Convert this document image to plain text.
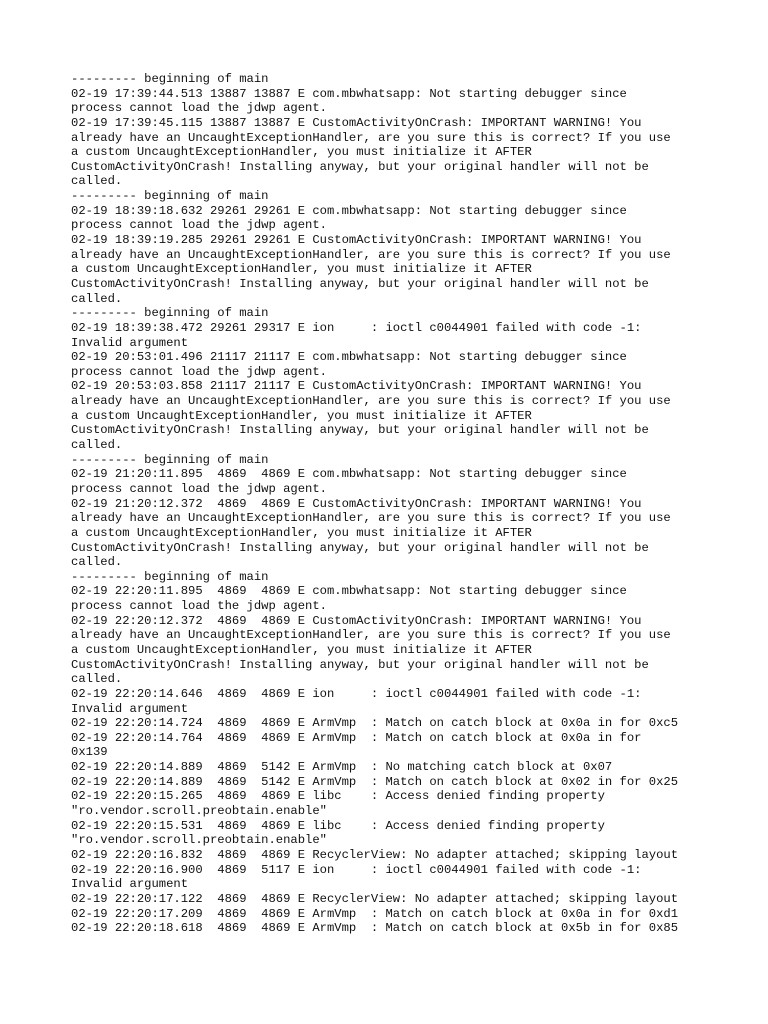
--------- beginning of main
02-19 17:39:44.513 13887 13887 E com.mbwhatsapp: Not starting debugger since
process cannot load the jdwp agent.
02-19 17:39:45.115 13887 13887 E CustomActivityOnCrash: IMPORTANT WARNING! You
already have an UncaughtExceptionHandler, are you sure this is correct? If you use
a custom UncaughtExceptionHandler, you must initialize it AFTER
CustomActivityOnCrash! Installing anyway, but your original handler will not be
called.
--------- beginning of main
02-19 18:39:18.632 29261 29261 E com.mbwhatsapp: Not starting debugger since
process cannot load the jdwp agent.
02-19 18:39:19.285 29261 29261 E CustomActivityOnCrash: IMPORTANT WARNING! You
already have an UncaughtExceptionHandler, are you sure this is correct? If you use
a custom UncaughtExceptionHandler, you must initialize it AFTER
CustomActivityOnCrash! Installing anyway, but your original handler will not be
called.
--------- beginning of main
02-19 18:39:38.472 29261 29317 E ion     : ioctl c0044901 failed with code -1:
Invalid argument
02-19 20:53:01.496 21117 21117 E com.mbwhatsapp: Not starting debugger since
process cannot load the jdwp agent.
02-19 20:53:03.858 21117 21117 E CustomActivityOnCrash: IMPORTANT WARNING! You
already have an UncaughtExceptionHandler, are you sure this is correct? If you use
a custom UncaughtExceptionHandler, you must initialize it AFTER
CustomActivityOnCrash! Installing anyway, but your original handler will not be
called.
--------- beginning of main
02-19 21:20:11.895  4869  4869 E com.mbwhatsapp: Not starting debugger since
process cannot load the jdwp agent.
02-19 21:20:12.372  4869  4869 E CustomActivityOnCrash: IMPORTANT WARNING! You
already have an UncaughtExceptionHandler, are you sure this is correct? If you use
a custom UncaughtExceptionHandler, you must initialize it AFTER
CustomActivityOnCrash! Installing anyway, but your original handler will not be
called.
--------- beginning of main
02-19 22:20:11.895  4869  4869 E com.mbwhatsapp: Not starting debugger since
process cannot load the jdwp agent.
02-19 22:20:12.372  4869  4869 E CustomActivityOnCrash: IMPORTANT WARNING! You
already have an UncaughtExceptionHandler, are you sure this is correct? If you use
a custom UncaughtExceptionHandler, you must initialize it AFTER
CustomActivityOnCrash! Installing anyway, but your original handler will not be
called.
02-19 22:20:14.646  4869  4869 E ion     : ioctl c0044901 failed with code -1:
Invalid argument
02-19 22:20:14.724  4869  4869 E ArmVmp  : Match on catch block at 0x0a in for 0xc5
02-19 22:20:14.764  4869  4869 E ArmVmp  : Match on catch block at 0x0a in for
0x139
02-19 22:20:14.889  4869  5142 E ArmVmp  : No matching catch block at 0x07
02-19 22:20:14.889  4869  5142 E ArmVmp  : Match on catch block at 0x02 in for 0x25
02-19 22:20:15.265  4869  4869 E libc    : Access denied finding property
"ro.vendor.scroll.preobtain.enable"
02-19 22:20:15.531  4869  4869 E libc    : Access denied finding property
"ro.vendor.scroll.preobtain.enable"
02-19 22:20:16.832  4869  4869 E RecyclerView: No adapter attached; skipping layout
02-19 22:20:16.900  4869  5117 E ion     : ioctl c0044901 failed with code -1:
Invalid argument
02-19 22:20:17.122  4869  4869 E RecyclerView: No adapter attached; skipping layout
02-19 22:20:17.209  4869  4869 E ArmVmp  : Match on catch block at 0x0a in for 0xd1
02-19 22:20:18.618  4869  4869 E ArmVmp  : Match on catch block at 0x5b in for 0x85
